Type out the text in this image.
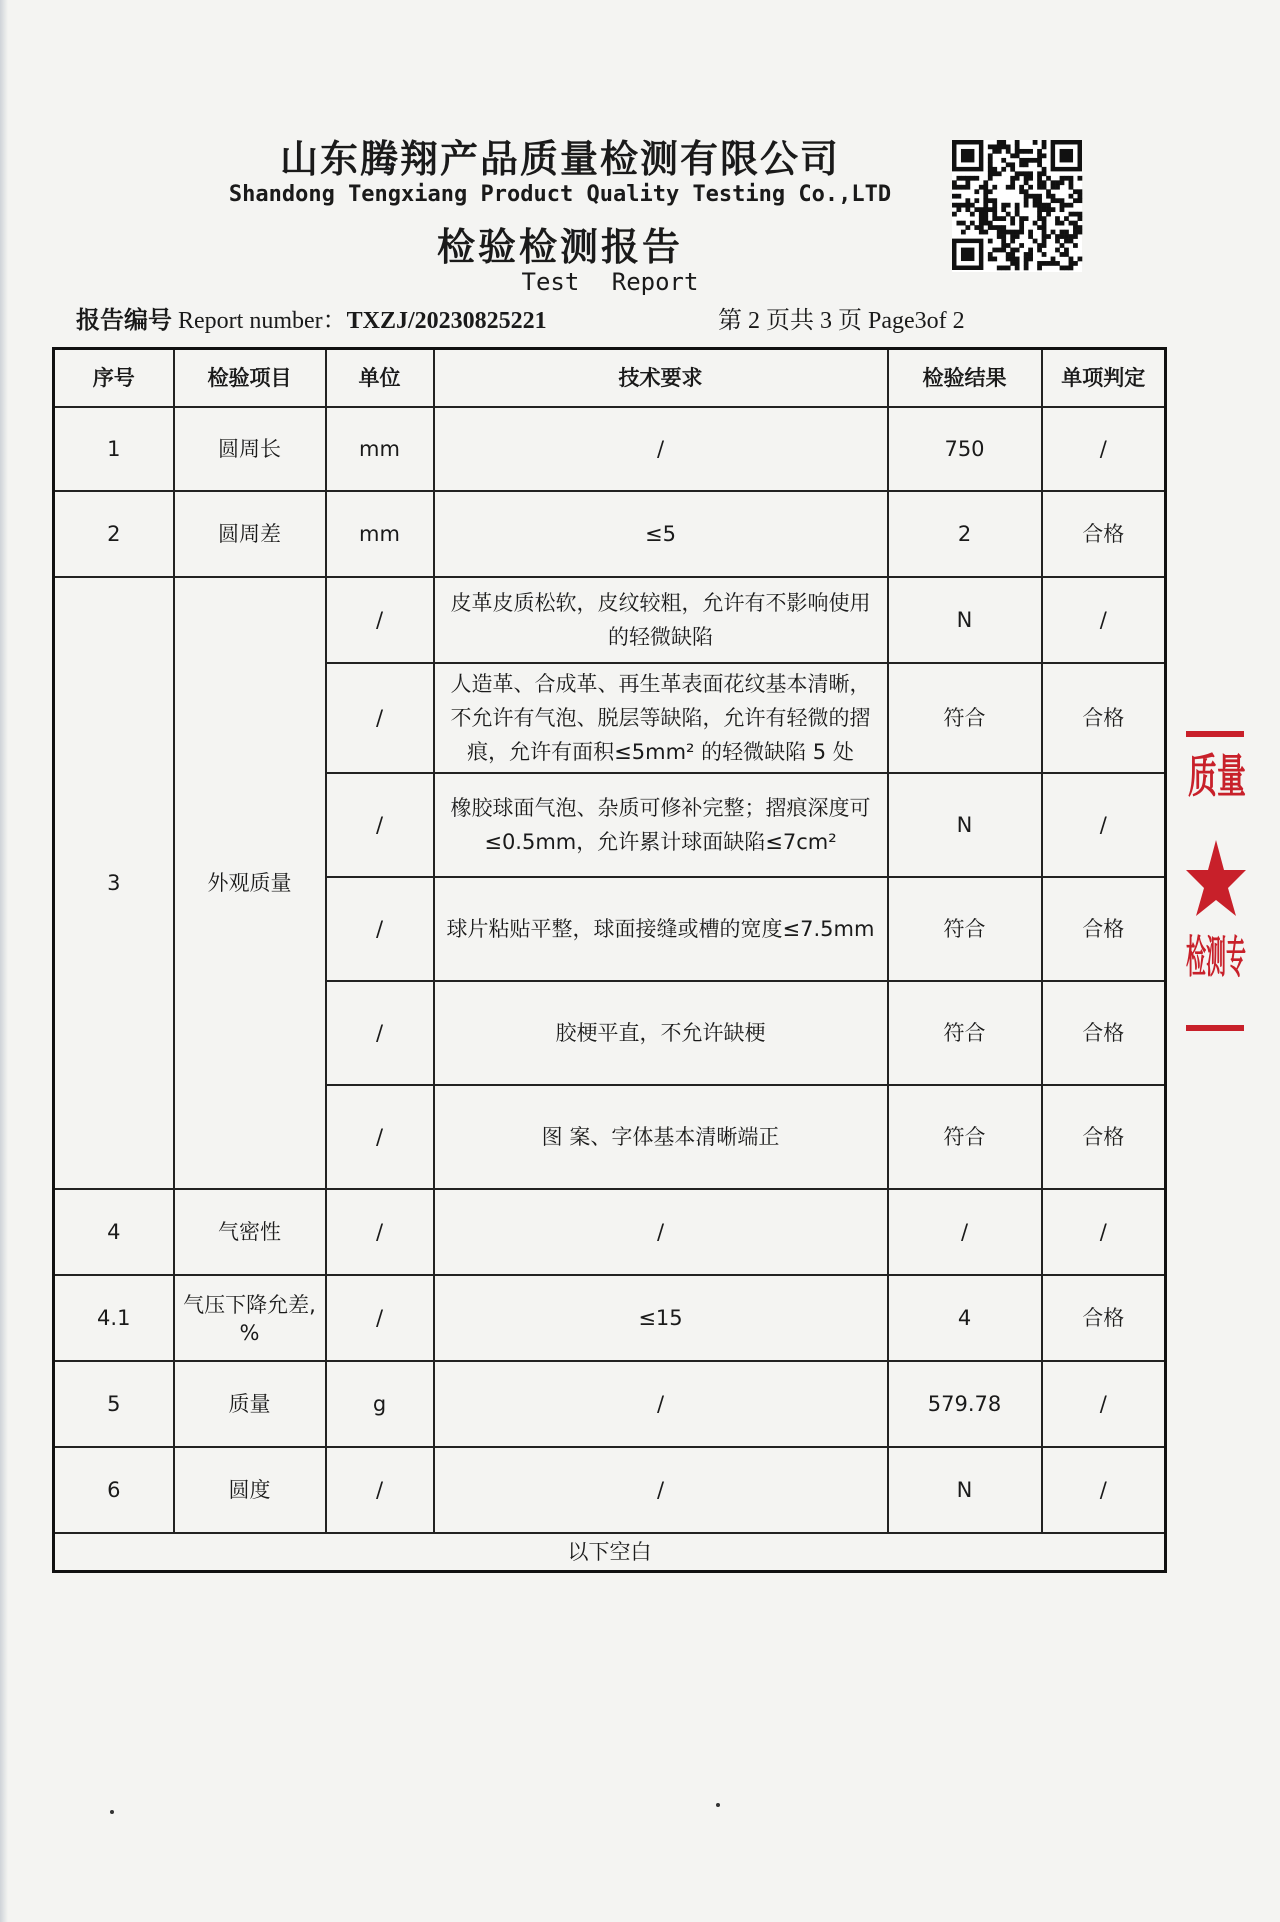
山东腾翔产品质量检测有限公司
Shandong Tengxiang Product Quality Testing Co.,LTD
检验检测报告
Test Report
报告编号 Report number：TXZJ/20230825221	第 2 页共 3 页 Page3of 2
序号	检验项目	单位	技术要求	检验结果	单项判定
1	圆周长	mm	/	750	/
2	圆周差	mm	≤5	2	合格
3	外观质量	/	皮革皮质松软，皮纹较粗，允许有不影响使用
的轻微缺陷	N	/
		/	人造革、合成革、再生革表面花纹基本清晰，
不允许有气泡、脱层等缺陷，允许有轻微的摺
痕，允许有面积≤5mm² 的轻微缺陷 5 处	符合	合格
		/	橡胶球面气泡、杂质可修补完整；摺痕深度可
≤0.5mm，允许累计球面缺陷≤7cm²	N	/
		/	球片粘贴平整，球面接缝或槽的宽度≤7.5mm	符合	合格
		/	胶梗平直，不允许缺梗	符合	合格
		/	图 案、字体基本清晰端正	符合	合格
4	气密性	/	/	/	/
4.1	气压下降允差,
%	/	≤15	4	合格
5	质量	g	/	579.78	/
6	圆度	/	/	N	/
以下空白					
质量
检测专
